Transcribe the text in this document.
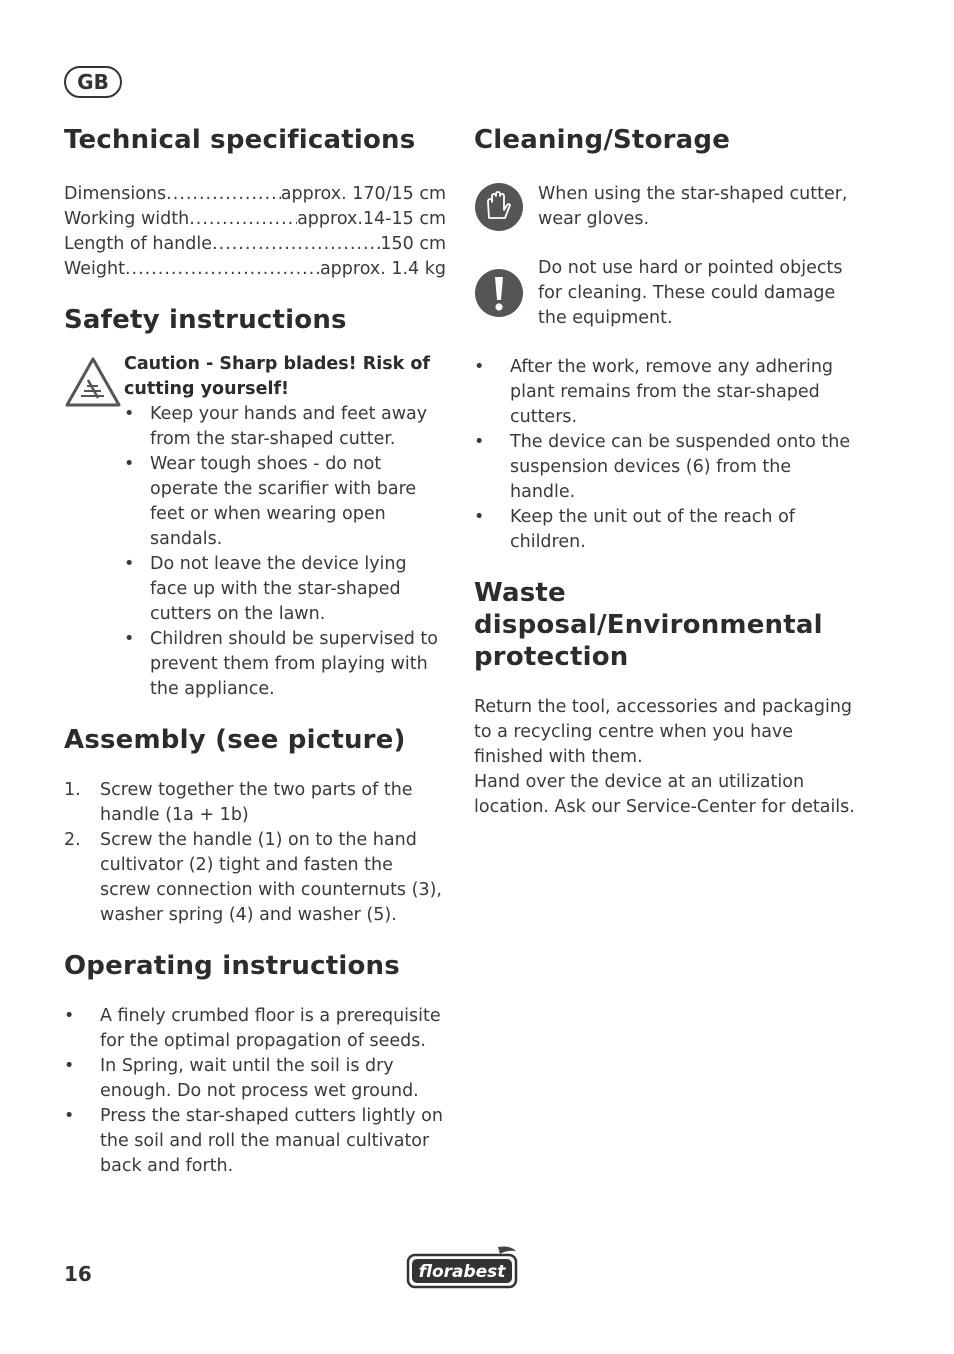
GB
Technical specifications
Dimensions .....	approx. 170/15 cm
Working width .....	approx.14-15 cm
Length of handle .....	150 cm
Weight .....	approx. 1.4 kg
Safety instructions
Caution - Sharp blades! Risk of cutting yourself!
• Keep your hands and feet away from the star-shaped cutter.
• Wear tough shoes - do not operate the scarifier with bare feet or when wearing open sandals.
• Do not leave the device lying face up with the star-shaped cutters on the lawn.
• Children should be supervised to prevent them from playing with the appliance.
Assembly (see picture)
1. Screw together the two parts of the handle (1a + 1b)
2. Screw the handle (1) on to the hand cultivator (2) tight and fasten the screw connection with counternuts (3), washer spring (4) and washer (5).
Operating instructions
• A finely crumbed floor is a prerequisite for the optimal propagation of seeds.
• In Spring, wait until the soil is dry enough. Do not process wet ground.
• Press the star-shaped cutters lightly on the soil and roll the manual cultivator back and forth.
Cleaning/Storage
When using the star-shaped cutter, wear gloves.
Do not use hard or pointed objects for cleaning. These could damage the equipment.
• After the work, remove any adhering plant remains from the star-shaped cutters.
• The device can be suspended onto the suspension devices (6) from the handle.
• Keep the unit out of the reach of children.
Waste disposal/Environmental protection
Return the tool, accessories and packaging to a recycling centre when you have finished with them.
Hand over the device at an utilization location. Ask our Service-Center for details.
16	florabest
